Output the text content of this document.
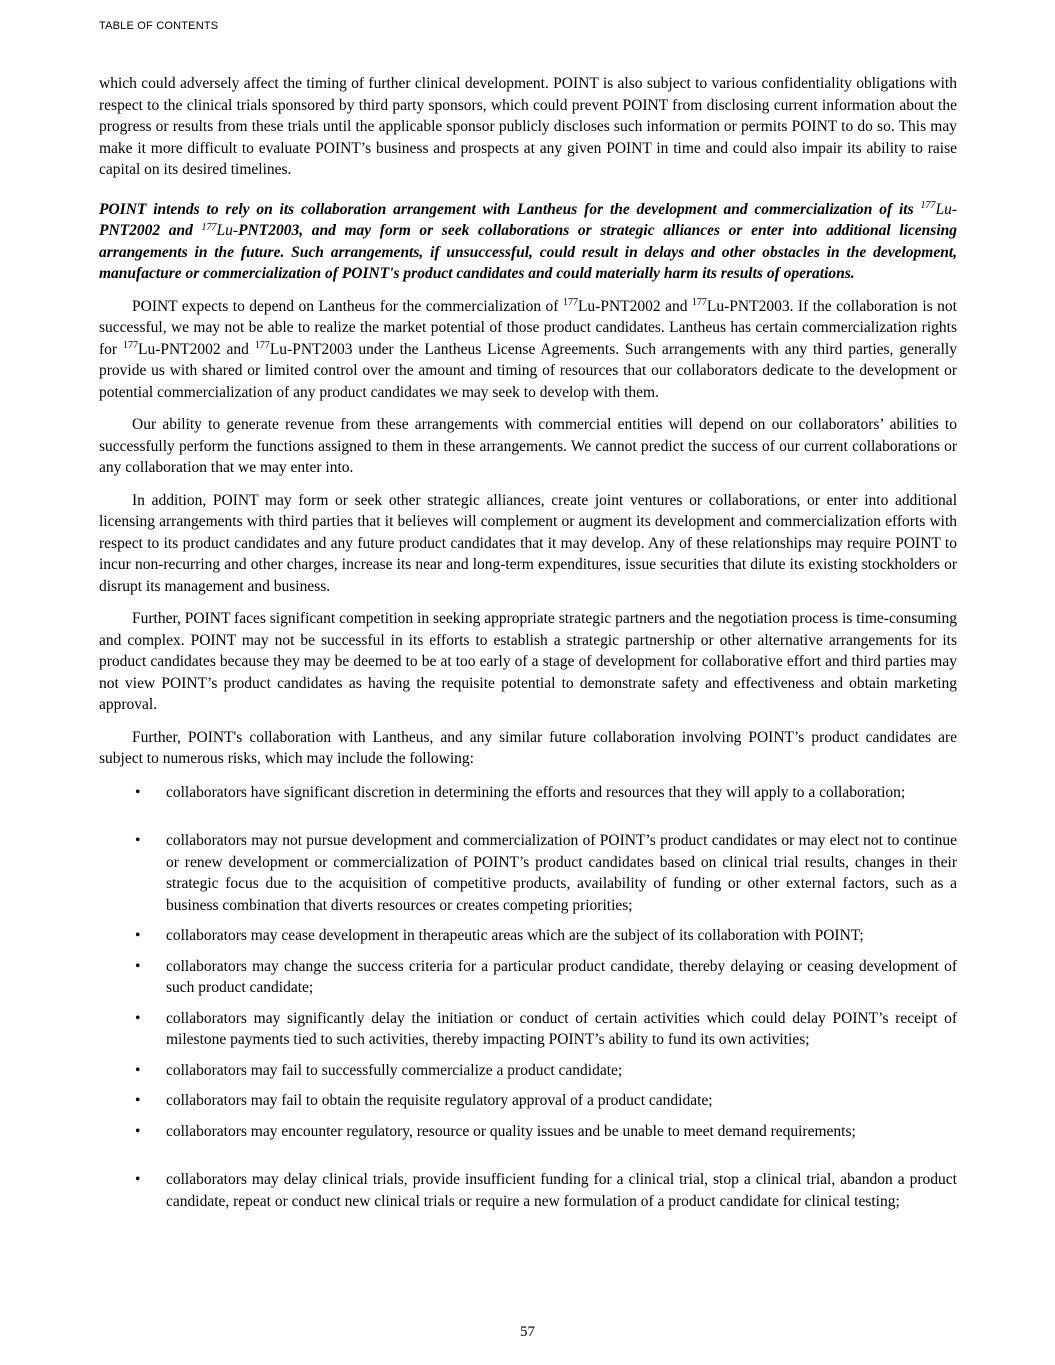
TABLE OF CONTENTS

which could adversely affect the timing of further clinical development. POINT is also subject to various confidentiality obligations with respect to the clinical trials sponsored by third party sponsors, which could prevent POINT from disclosing current information about the progress or results from these trials until the applicable sponsor publicly discloses such information or permits POINT to do so. This may make it more difficult to evaluate POINT’s business and prospects at any given POINT in time and could also impair its ability to raise capital on its desired timelines.

POINT intends to rely on its collaboration arrangement with Lantheus for the development and commercialization of its $^{177}$Lu-PNT2002 and $^{177}$Lu-PNT2003, and may form or seek collaborations or strategic alliances or enter into additional licensing arrangements in the future. Such arrangements, if unsuccessful, could result in delays and other obstacles in the development, manufacture or commercialization of POINT's product candidates and could materially harm its results of operations.

POINT expects to depend on Lantheus for the commercialization of $^{177}$Lu-PNT2002 and $^{177}$Lu-PNT2003. If the collaboration is not successful, we may not be able to realize the market potential of those product candidates. Lantheus has certain commercialization rights for $^{177}$Lu-PNT2002 and $^{177}$Lu-PNT2003 under the Lantheus License Agreements. Such arrangements with any third parties, generally provide us with shared or limited control over the amount and timing of resources that our collaborators dedicate to the development or potential commercialization of any product candidates we may seek to develop with them.

Our ability to generate revenue from these arrangements with commercial entities will depend on our collaborators’ abilities to successfully perform the functions assigned to them in these arrangements. We cannot predict the success of our current collaborations or any collaboration that we may enter into.

In addition, POINT may form or seek other strategic alliances, create joint ventures or collaborations, or enter into additional licensing arrangements with third parties that it believes will complement or augment its development and commercialization efforts with respect to its product candidates and any future product candidates that it may develop. Any of these relationships may require POINT to incur non-recurring and other charges, increase its near and long-term expenditures, issue securities that dilute its existing stockholders or disrupt its management and business.

Further, POINT faces significant competition in seeking appropriate strategic partners and the negotiation process is time-consuming and complex. POINT may not be successful in its efforts to establish a strategic partnership or other alternative arrangements for its product candidates because they may be deemed to be at too early of a stage of development for collaborative effort and third parties may not view POINT’s product candidates as having the requisite potential to demonstrate safety and effectiveness and obtain marketing approval.

Further, POINT's collaboration with Lantheus, and any similar future collaboration involving POINT’s product candidates are subject to numerous risks, which may include the following:

• collaborators have significant discretion in determining the efforts and resources that they will apply to a collaboration;
• collaborators may not pursue development and commercialization of POINT’s product candidates or may elect not to continue or renew development or commercialization of POINT’s product candidates based on clinical trial results, changes in their strategic focus due to the acquisition of competitive products, availability of funding or other external factors, such as a business combination that diverts resources or creates competing priorities;
• collaborators may cease development in therapeutic areas which are the subject of its collaboration with POINT;
• collaborators may change the success criteria for a particular product candidate, thereby delaying or ceasing development of such product candidate;
• collaborators may significantly delay the initiation or conduct of certain activities which could delay POINT’s receipt of milestone payments tied to such activities, thereby impacting POINT’s ability to fund its own activities;
• collaborators may fail to successfully commercialize a product candidate;
• collaborators may fail to obtain the requisite regulatory approval of a product candidate;
• collaborators may encounter regulatory, resource or quality issues and be unable to meet demand requirements;
• collaborators may delay clinical trials, provide insufficient funding for a clinical trial, stop a clinical trial, abandon a product candidate, repeat or conduct new clinical trials or require a new formulation of a product candidate for clinical testing;
57
